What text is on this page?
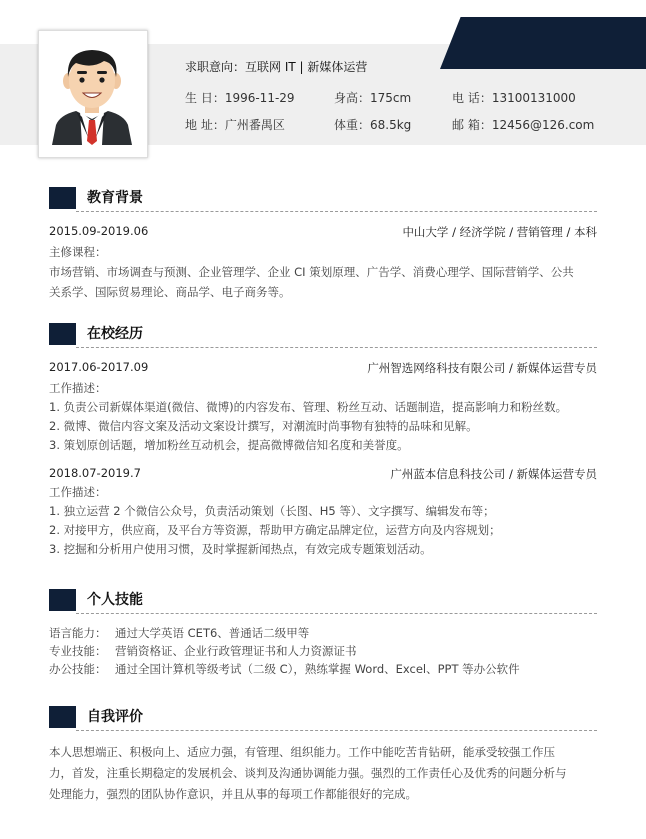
求职意向：互联网 IT | 新媒体运营
生 日：1996-11-29	身高：175cm	电 话：13100131000
地 址：广州番禺区	体重：68.5kg	邮 箱：12456@126.com
教育背景
2015.09-2019.06	中山大学 / 经济学院 / 营销管理 / 本科
主修课程：
市场营销、市场调查与预测、企业管理学、企业 CI 策划原理、广告学、消费心理学、国际营销学、公共
关系学、国际贸易理论、商品学、电子商务等。
在校经历
2017.06-2017.09	广州智选网络科技有限公司 / 新媒体运营专员
工作描述：
1. 负责公司新媒体渠道(微信、微博)的内容发布、管理、粉丝互动、话题制造，提高影响力和粉丝数。
2. 微博、微信内容文案及活动文案设计撰写，对潮流时尚事物有独特的品味和见解。
3. 策划原创话题，增加粉丝互动机会，提高微博微信知名度和美誉度。
2018.07-2019.7	广州蓝本信息科技公司 / 新媒体运营专员
工作描述：
1. 独立运营 2 个微信公众号，负责活动策划（长图、H5 等）、文字撰写、编辑发布等；
2. 对接甲方，供应商，及平台方等资源，帮助甲方确定品牌定位，运营方向及内容规划；
3. 挖掘和分析用户使用习惯，及时掌握新闻热点，有效完成专题策划活动。
个人技能
语言能力： 通过大学英语 CET6、普通话二级甲等
专业技能： 营销资格证、企业行政管理证书和人力资源证书
办公技能： 通过全国计算机等级考试（二级 C），熟练掌握 Word、Excel、PPT 等办公软件
自我评价
本人思想端正、积极向上、适应力强，有管理、组织能力。工作中能吃苦肯钻研，能承受较强工作压
力，首发，注重长期稳定的发展机会、谈判及沟通协调能力强。强烈的工作责任心及优秀的问题分析与
处理能力，强烈的团队协作意识，并且从事的每项工作都能很好的完成。
